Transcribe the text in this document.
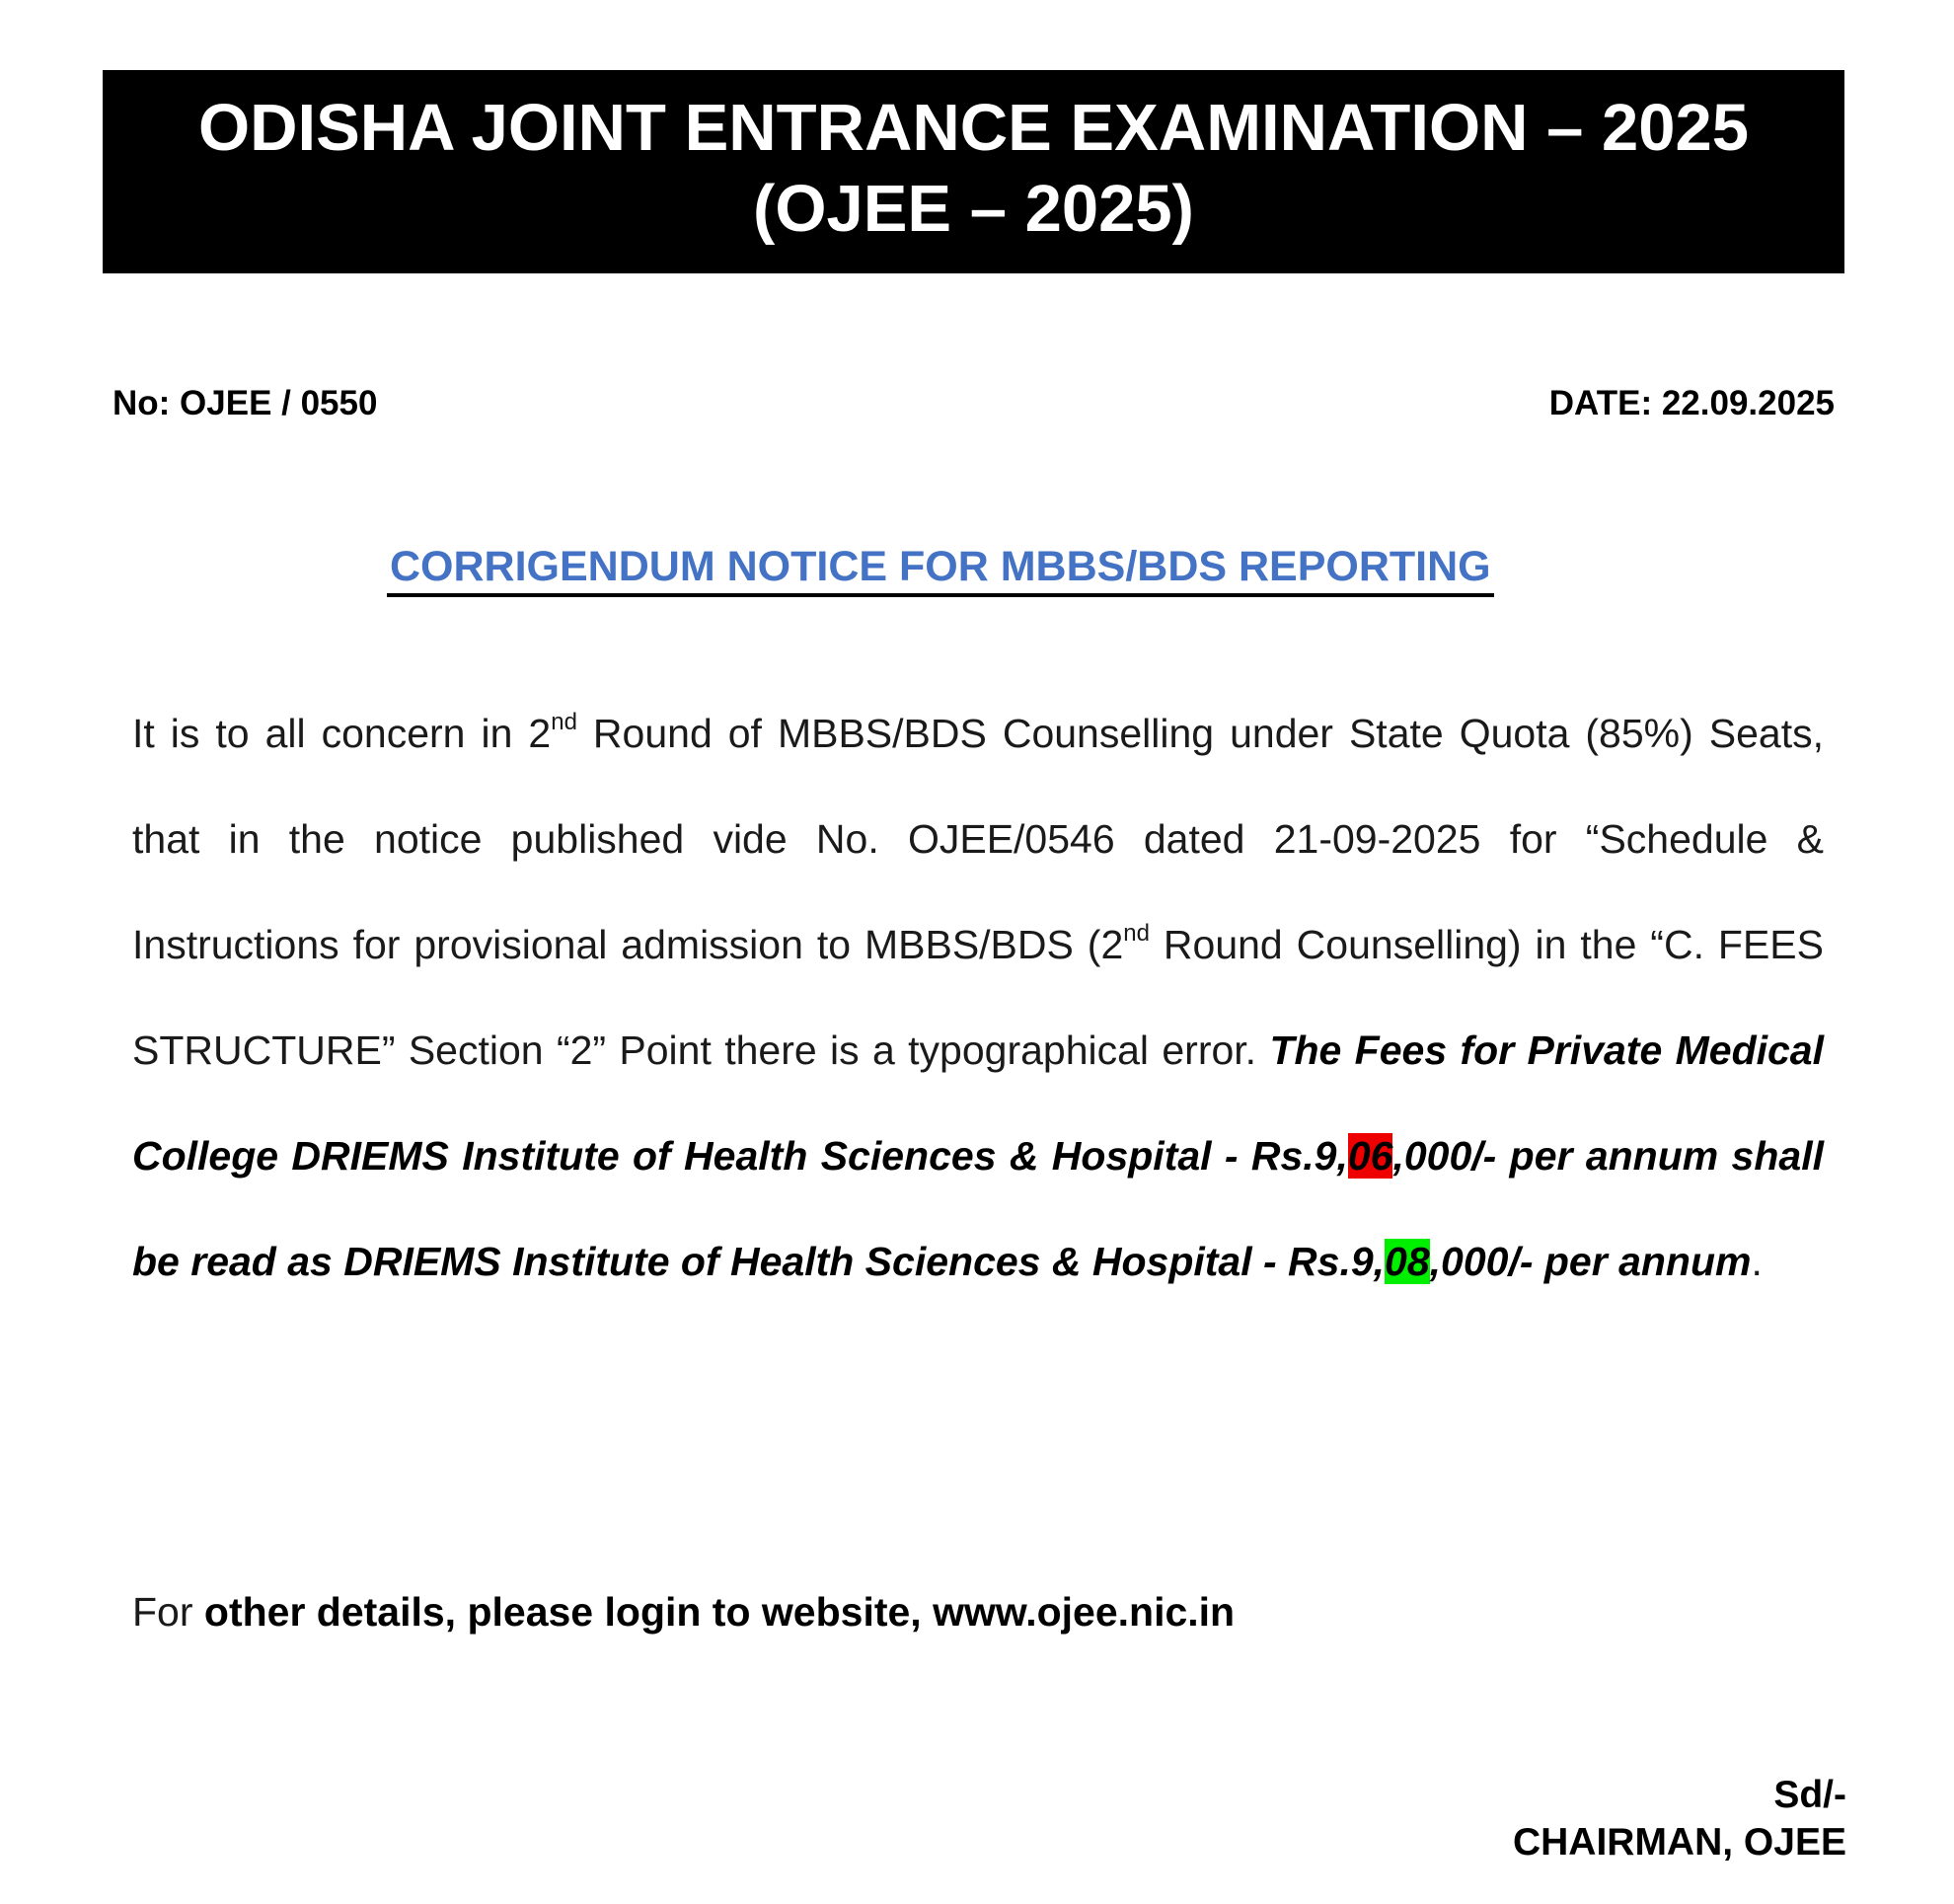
ODISHA JOINT ENTRANCE EXAMINATION – 2025
(OJEE – 2025)
No: OJEE / 0550	DATE: 22.09.2025
CORRIGENDUM NOTICE FOR MBBS/BDS REPORTING
It is to all concern in 2nd Round of MBBS/BDS Counselling under State Quota (85%) Seats, that in the notice published vide No. OJEE/0546 dated 21-09-2025 for “Schedule & Instructions for provisional admission to MBBS/BDS (2nd Round Counselling) in the “C. FEES STRUCTURE” Section “2” Point there is a typographical error. The Fees for Private Medical College DRIEMS Institute of Health Sciences & Hospital - Rs.9,06,000/- per annum shall be read as DRIEMS Institute of Health Sciences & Hospital - Rs.9,08,000/- per annum.
For other details, please login to website, www.ojee.nic.in
Sd/-
CHAIRMAN, OJEE
